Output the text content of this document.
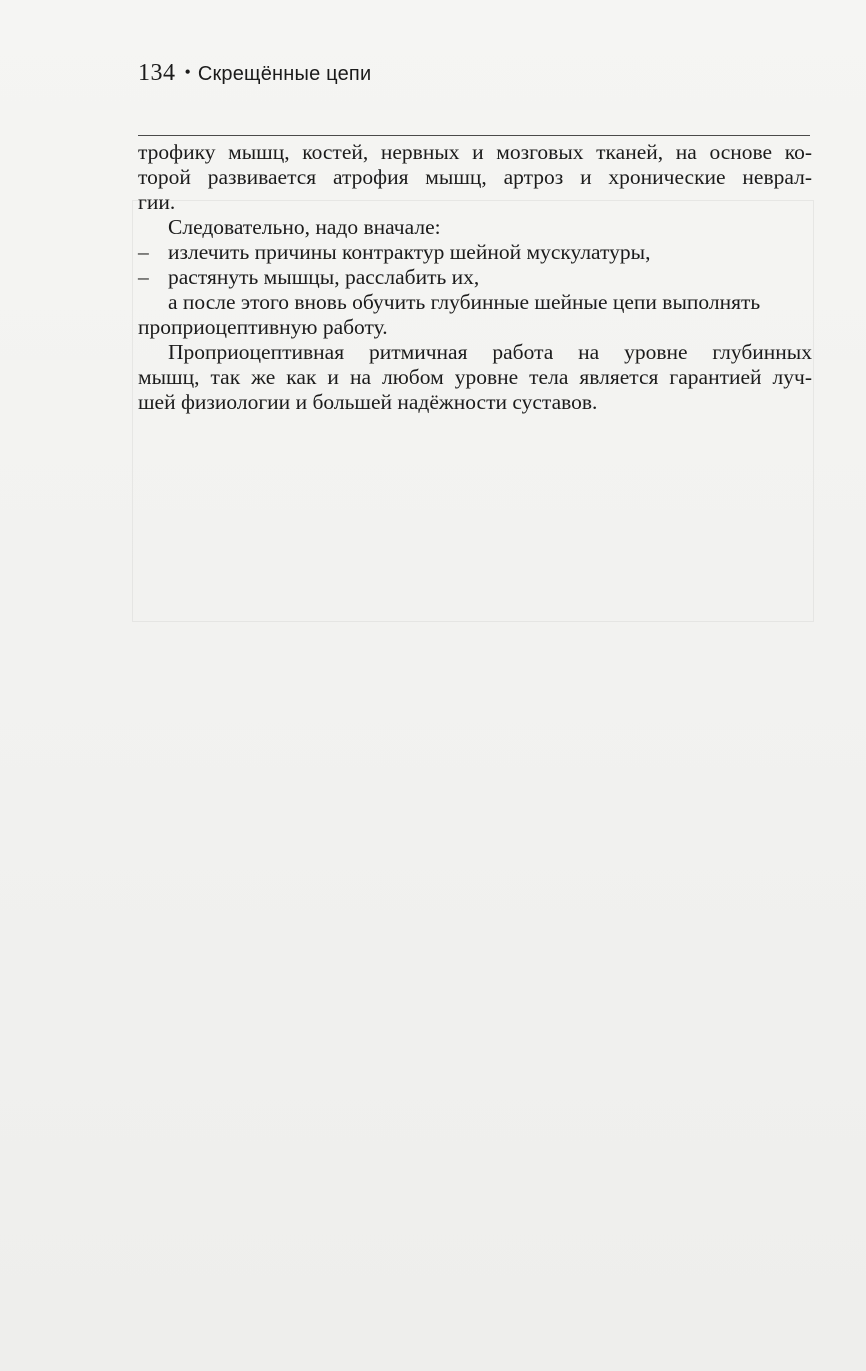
134 • Скрещённые цепи
трофику мышц, костей, нервных и мозговых тканей, на основе ко-
торой развивается атрофия мышц, артроз и хронические неврал-
гии.
Следовательно, надо вначале:
– излечить причины контрактур шейной мускулатуры,
– растянуть мышцы, расслабить их,
а после этого вновь обучить глубинные шейные цепи выполнять
проприоцептивную работу.
Проприоцептивная ритмичная работа на уровне глубинных
мышц, так же как и на любом уровне тела является гарантией луч-
шей физиологии и большей надёжности суставов.
